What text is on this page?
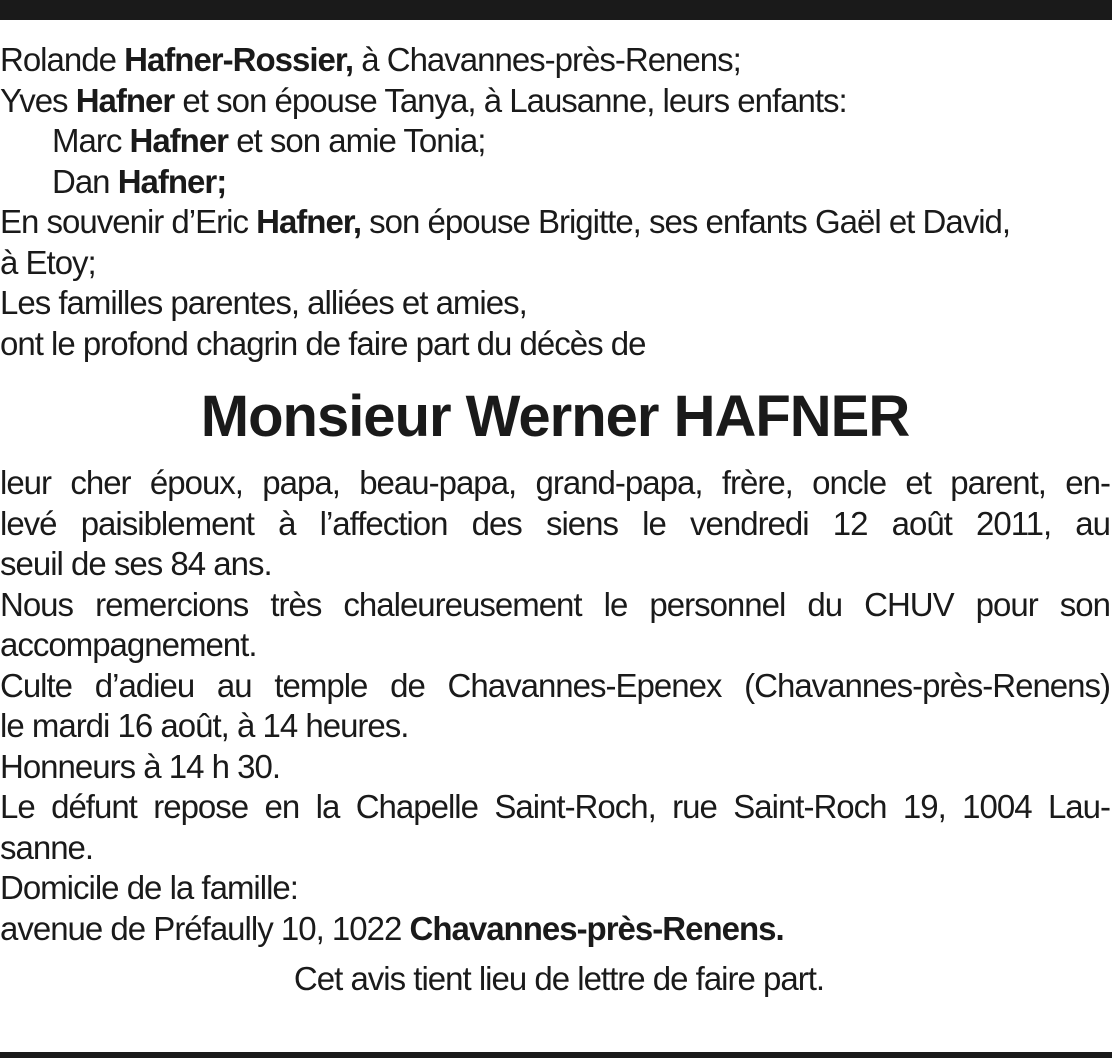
Rolande Hafner-Rossier, à Chavannes-près-Renens;
Yves Hafner et son épouse Tanya, à Lausanne, leurs enfants:
Marc Hafner et son amie Tonia;
Dan Hafner;
En souvenir d’Eric Hafner, son épouse Brigitte, ses enfants Gaël et David,
à Etoy;
Les familles parentes, alliées et amies,
ont le profond chagrin de faire part du décès de
Monsieur Werner HAFNER
leur cher époux, papa, beau-papa, grand-papa, frère, oncle et parent, en-
levé paisiblement à l’affection des siens le vendredi 12 août 2011, au
seuil de ses 84 ans.
Nous remercions très chaleureusement le personnel du CHUV pour son
accompagnement.
Culte d’adieu au temple de Chavannes-Epenex (Chavannes-près-Renens)
le mardi 16 août, à 14 heures.
Honneurs à 14 h 30.
Le défunt repose en la Chapelle Saint-Roch, rue Saint-Roch 19, 1004 Lau-
sanne.
Domicile de la famille:
avenue de Préfaully 10, 1022 Chavannes-près-Renens.
Cet avis tient lieu de lettre de faire part.
